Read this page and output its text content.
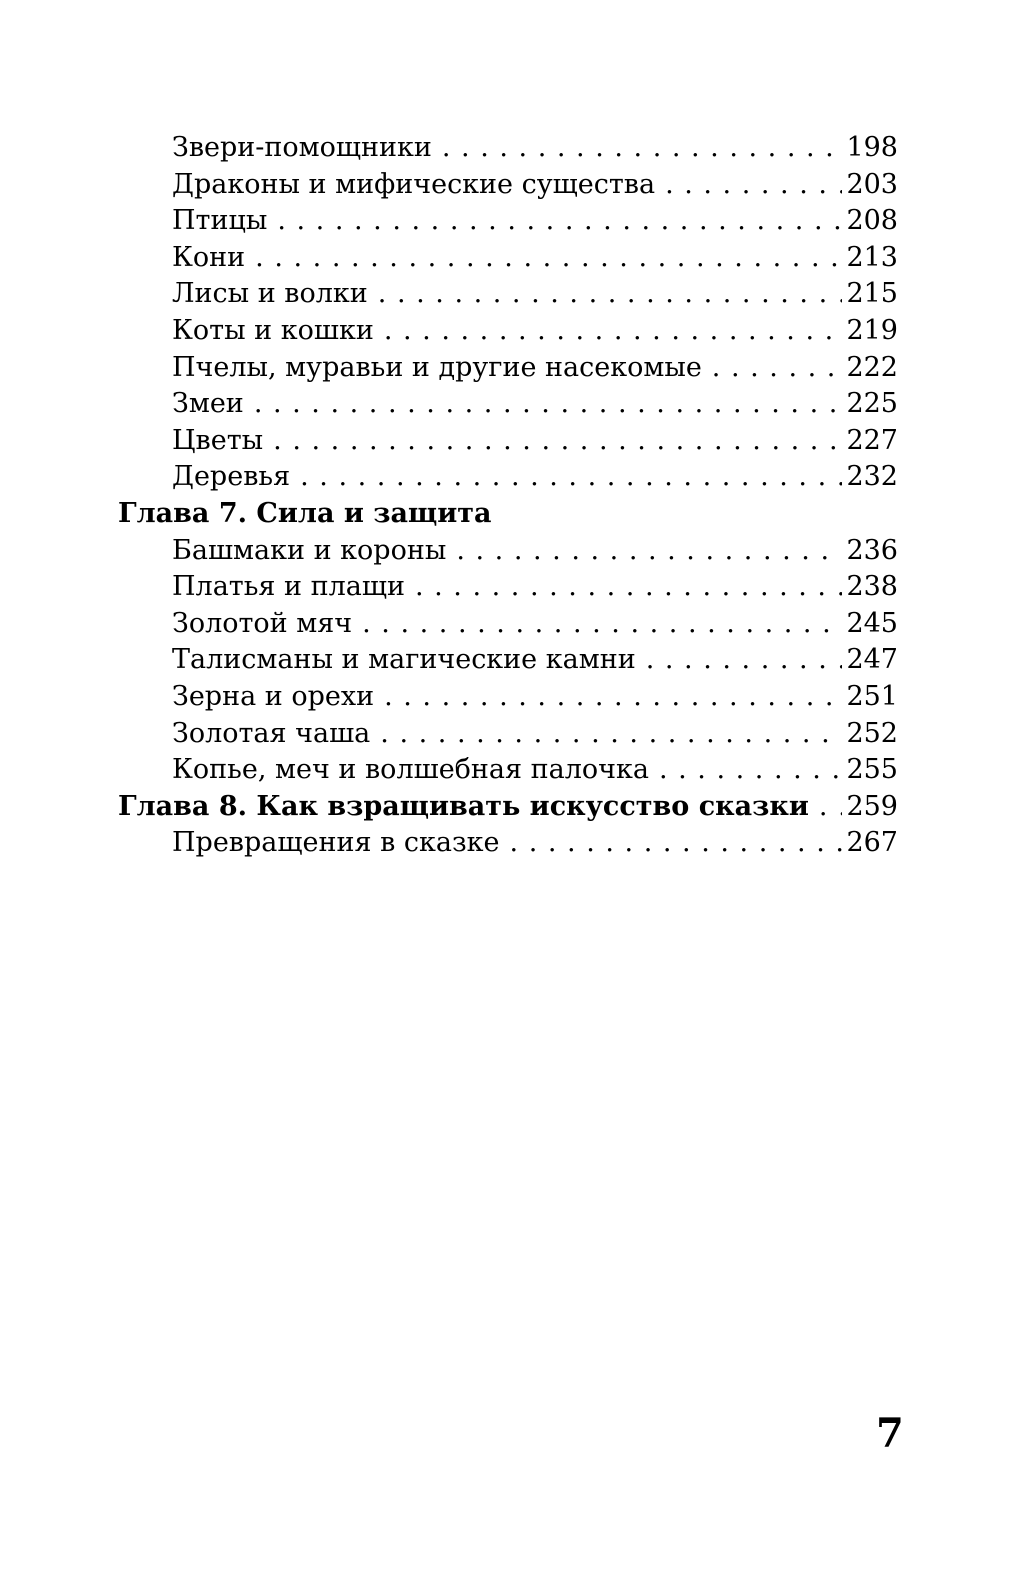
Звери-помощники . . .	198
Драконы и мифические существа . . .	203
Птицы . . .	208
Кони . . .	213
Лисы и волки . . .	215
Коты и кошки . . .	219
Пчелы, муравьи и другие насекомые . . .	222
Змеи . . .	225
Цветы . . .	227
Деревья . . .	232
Глава 7. Сила и защита
Башмаки и короны . . .	236
Платья и плащи . . .	238
Золотой мяч . . .	245
Талисманы и магические камни . . .	247
Зерна и орехи . . .	251
Золотая чаша . . .	252
Копье, меч и волшебная палочка . . .	255
Глава 8. Как взращивать искусство сказки . . . 259
Превращения в сказке . . .	267
7
